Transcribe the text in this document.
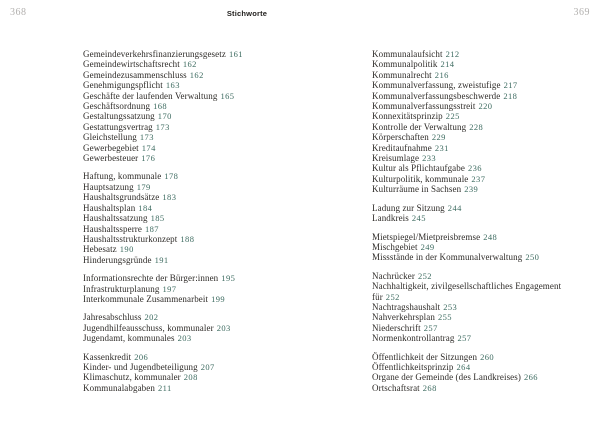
368	Stichworte	369
Gemeindeverkehrsfinanzierungsgesetz 161
Gemeindewirtschaftsrecht 162
Gemeindezusammenschluss 162
Genehmigungspflicht 163
Geschäfte der laufenden Verwaltung 165
Geschäftsordnung 168
Gestaltungssatzung 170
Gestattungsvertrag 173
Gleichstellung 173
Gewerbegebiet 174
Gewerbesteuer 176
Haftung, kommunale 178
Hauptsatzung 179
Haushaltsgrundsätze 183
Haushaltsplan 184
Haushaltssatzung 185
Haushaltssperre 187
Haushaltsstrukturkonzept 188
Hebesatz 190
Hinderungsgründe 191
Informationsrechte der Bürger:innen 195
Infrastrukturplanung 197
Interkommunale Zusammenarbeit 199
Jahresabschluss 202
Jugendhilfeausschuss, kommunaler 203
Jugendamt, kommunales 203
Kassenkredit 206
Kinder- und Jugendbeteiligung 207
Klimaschutz, kommunaler 208
Kommunalabgaben 211
Kommunalaufsicht 212
Kommunalpolitik 214
Kommunalrecht 216
Kommunalverfassung, zweistufige 217
Kommunalverfassungsbeschwerde 218
Kommunalverfassungsstreit 220
Konnexitätsprinzip 225
Kontrolle der Verwaltung 228
Körperschaften 229
Kreditaufnahme 231
Kreisumlage 233
Kultur als Pflichtaufgabe 236
Kulturpolitik, kommunale 237
Kulturräume in Sachsen 239
Ladung zur Sitzung 244
Landkreis 245
Mietspiegel/Mietpreisbremse 248
Mischgebiet 249
Missstände in der Kommunalverwaltung 250
Nachrücker 252
Nachhaltigkeit, zivilgesellschaftliches Engagement für 252
Nachtragshaushalt 253
Nahverkehrsplan 255
Niederschrift 257
Normenkontrollantrag 257
Öffentlichkeit der Sitzungen 260
Öffentlichkeitsprinzip 264
Organe der Gemeinde (des Landkreises) 266
Ortschaftsrat 268
